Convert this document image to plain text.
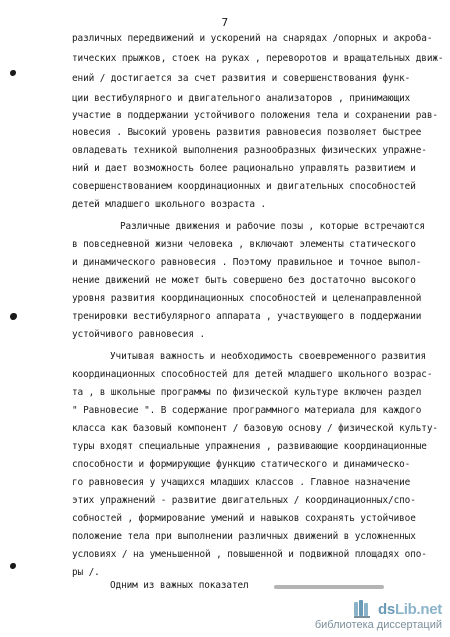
7
различных передвижений и ускорений на снарядах /опорных и акроба-
тических прыжков, стоек на руках , переворотов и вращательных движ-
ений / достигается за счет развития и совершенствования функ-
ции вестибулярного и двигательного анализаторов , принимающих
участие в поддержании устойчивого положения тела и сохранении рав-
новесия . Высокий уровень развития равновесия позволяет быстрее
овладевать техникой выполнения разнообразных физических упражне-
ний и дает возможность более рационально управлять развитием и
совершенствованием координационных и двигательных способностей
детей младшего школьного возраста .
Различные движения и рабочие позы , которые встречаются
в повседневной жизни человека , включают элементы статического
и динамического равновесия . Поэтому правильное и точное выпол-
нение движений не может быть совершено без достаточно высокого
уровня развития координационных способностей и целенаправленной
тренировки вестибулярного аппарата , участвующего в поддержании
устойчивого равновесия .
Учитывая важность и необходимость своевременного развития
координационных способностей для детей младшего школьного возрас-
та , в школьные программы по физической культуре включен раздел
" Равновесие ". В содержание программного материала для каждого
класса как базовый компонент / базовую основу / физической культу-
туры входят специальные упражнения , развивающие координационные
способности и формирующие функцию статического и динамическо-
го равновесия у учащихся младших классов . Главное назначение
этих упражнений - развитие двигательных / координационных/спо-
собностей , формирование умений и навыков сохранять устойчивое
положение тела при выполнении различных движений в усложненных
условиях / на уменьшенной , повышенной и подвижной площадях опо-
ры /.
Одним из важных показател
dsLib.net
библиотека диссертаций
